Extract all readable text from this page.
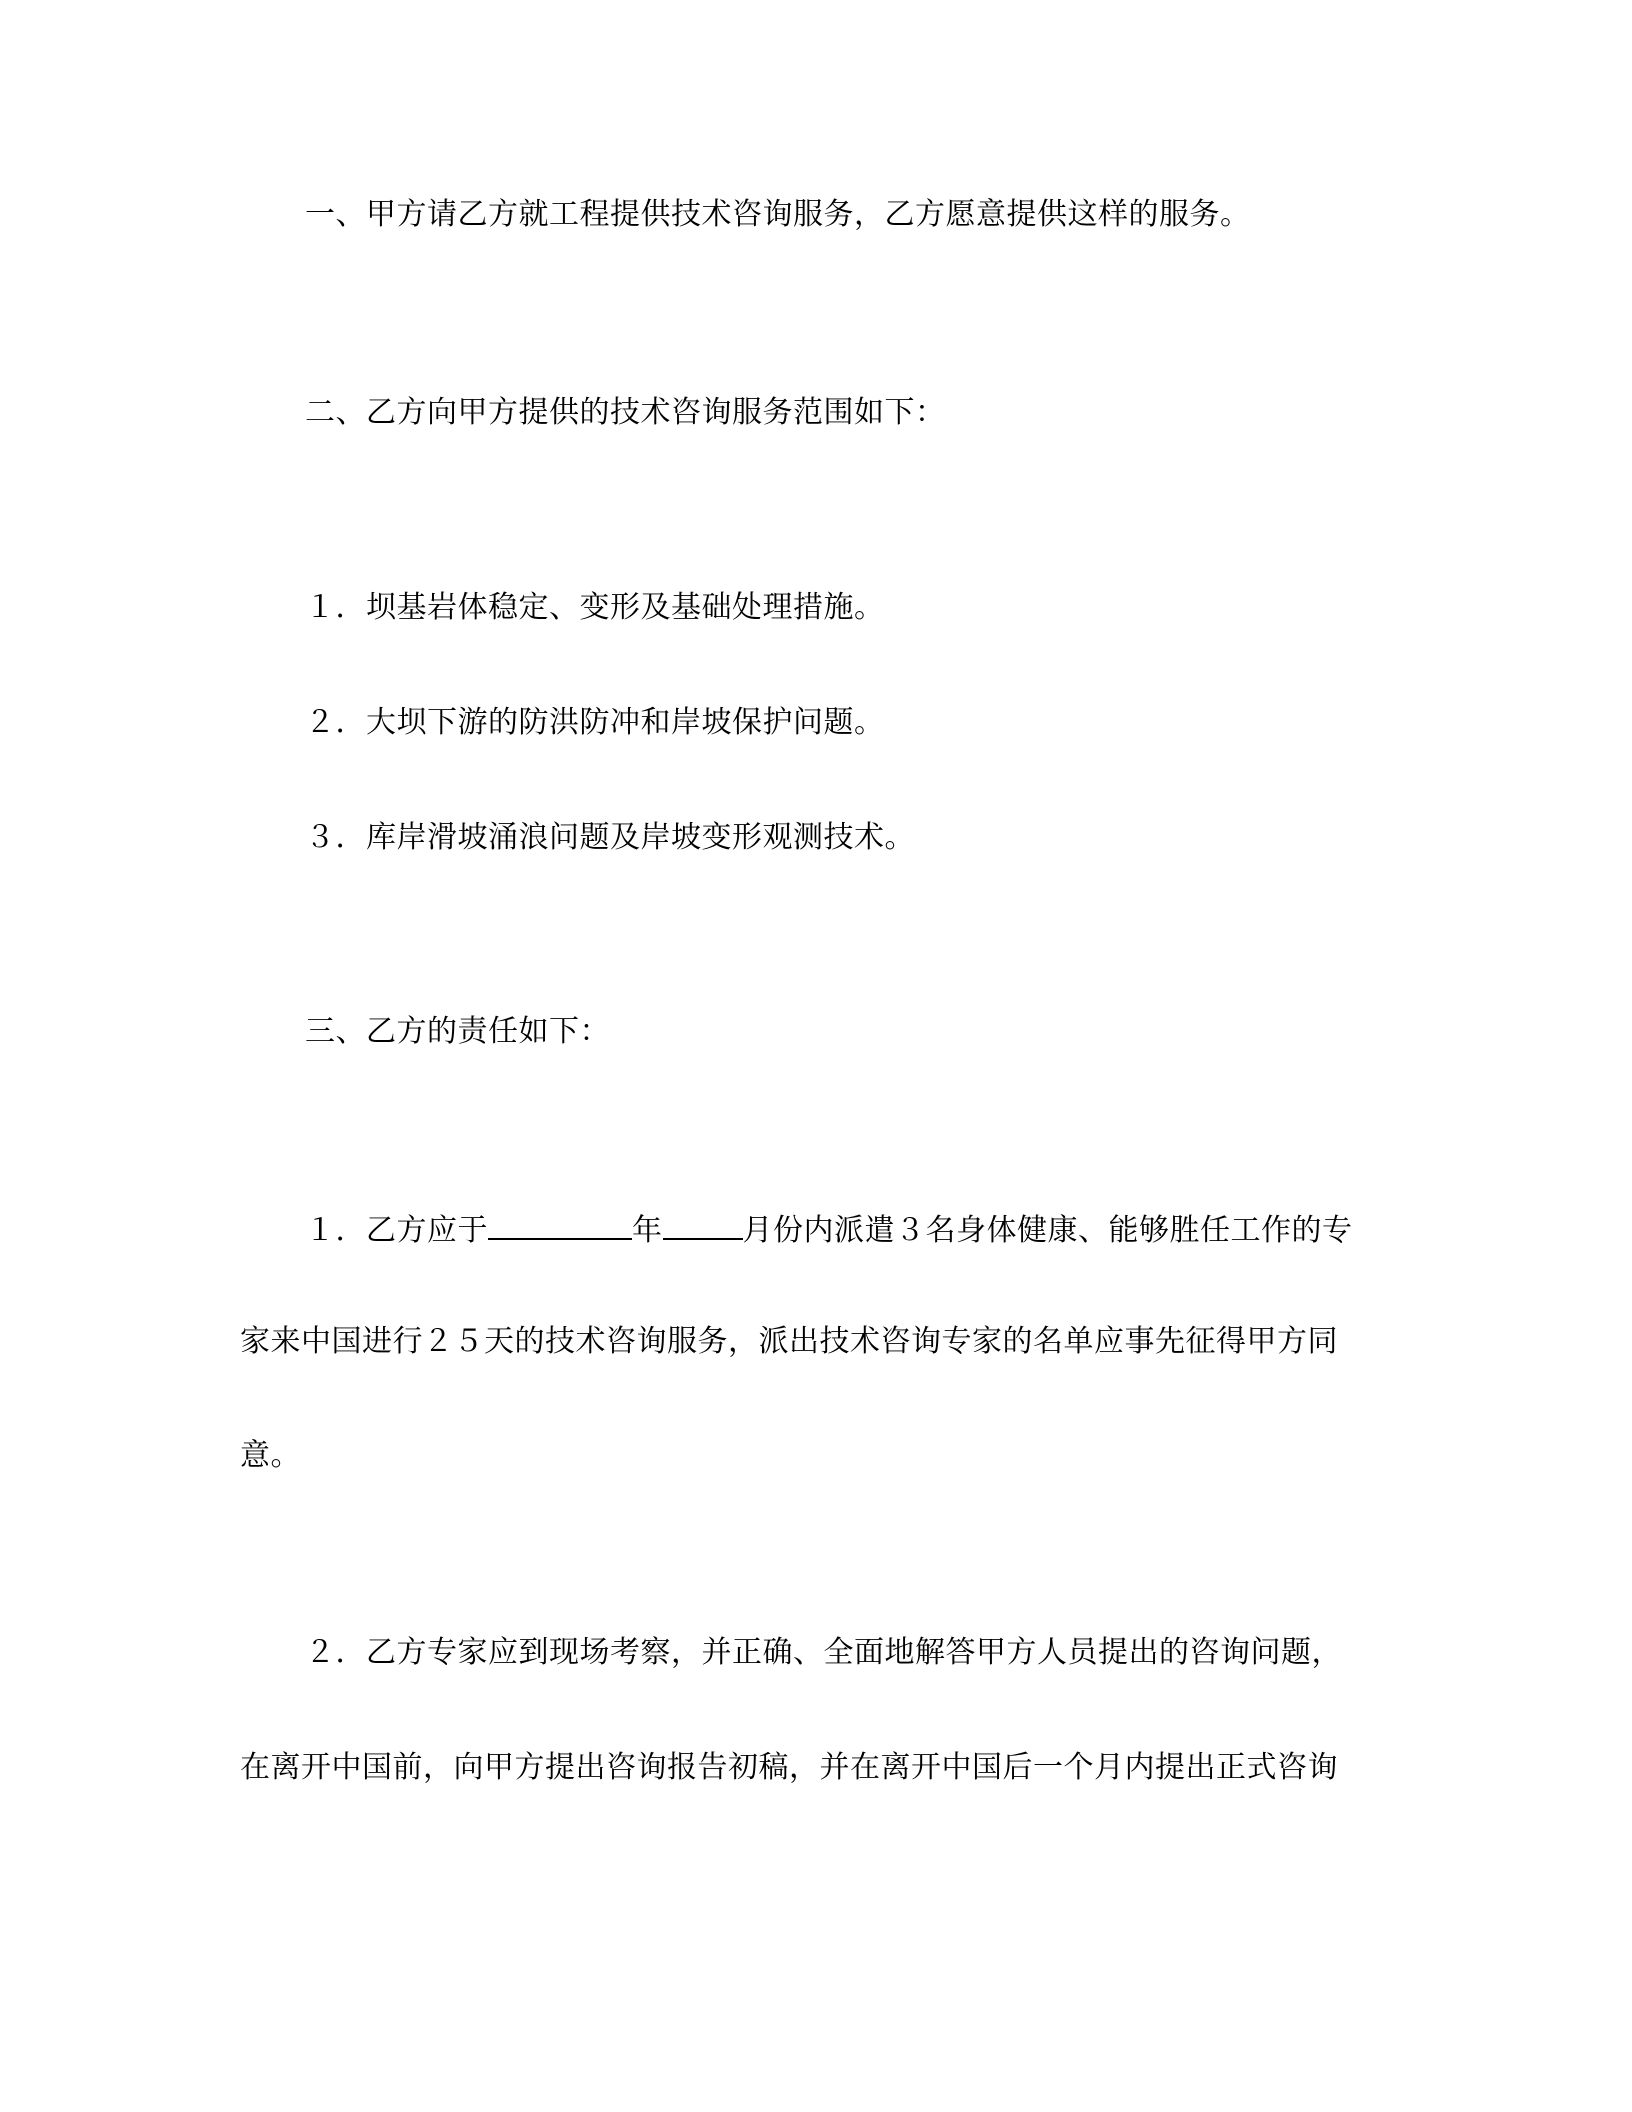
一、甲方请乙方就工程提供技术咨询服务，乙方愿意提供这样的服务。
二、乙方向甲方提供的技术咨询服务范围如下：
１．坝基岩体稳定、变形及基础处理措施。
２．大坝下游的防洪防冲和岸坡保护问题。
３．库岸滑坡涌浪问题及岸坡变形观测技术。
三、乙方的责任如下：
１．乙方应于	年	月份内派遣３名身体健康、能够胜任工作的专
家来中国进行２５天的技术咨询服务，派出技术咨询专家的名单应事先征得甲方同
意。
２．乙方专家应到现场考察，并正确、全面地解答甲方人员提出的咨询问题，
在离开中国前，向甲方提出咨询报告初稿，并在离开中国后一个月内提出正式咨询
